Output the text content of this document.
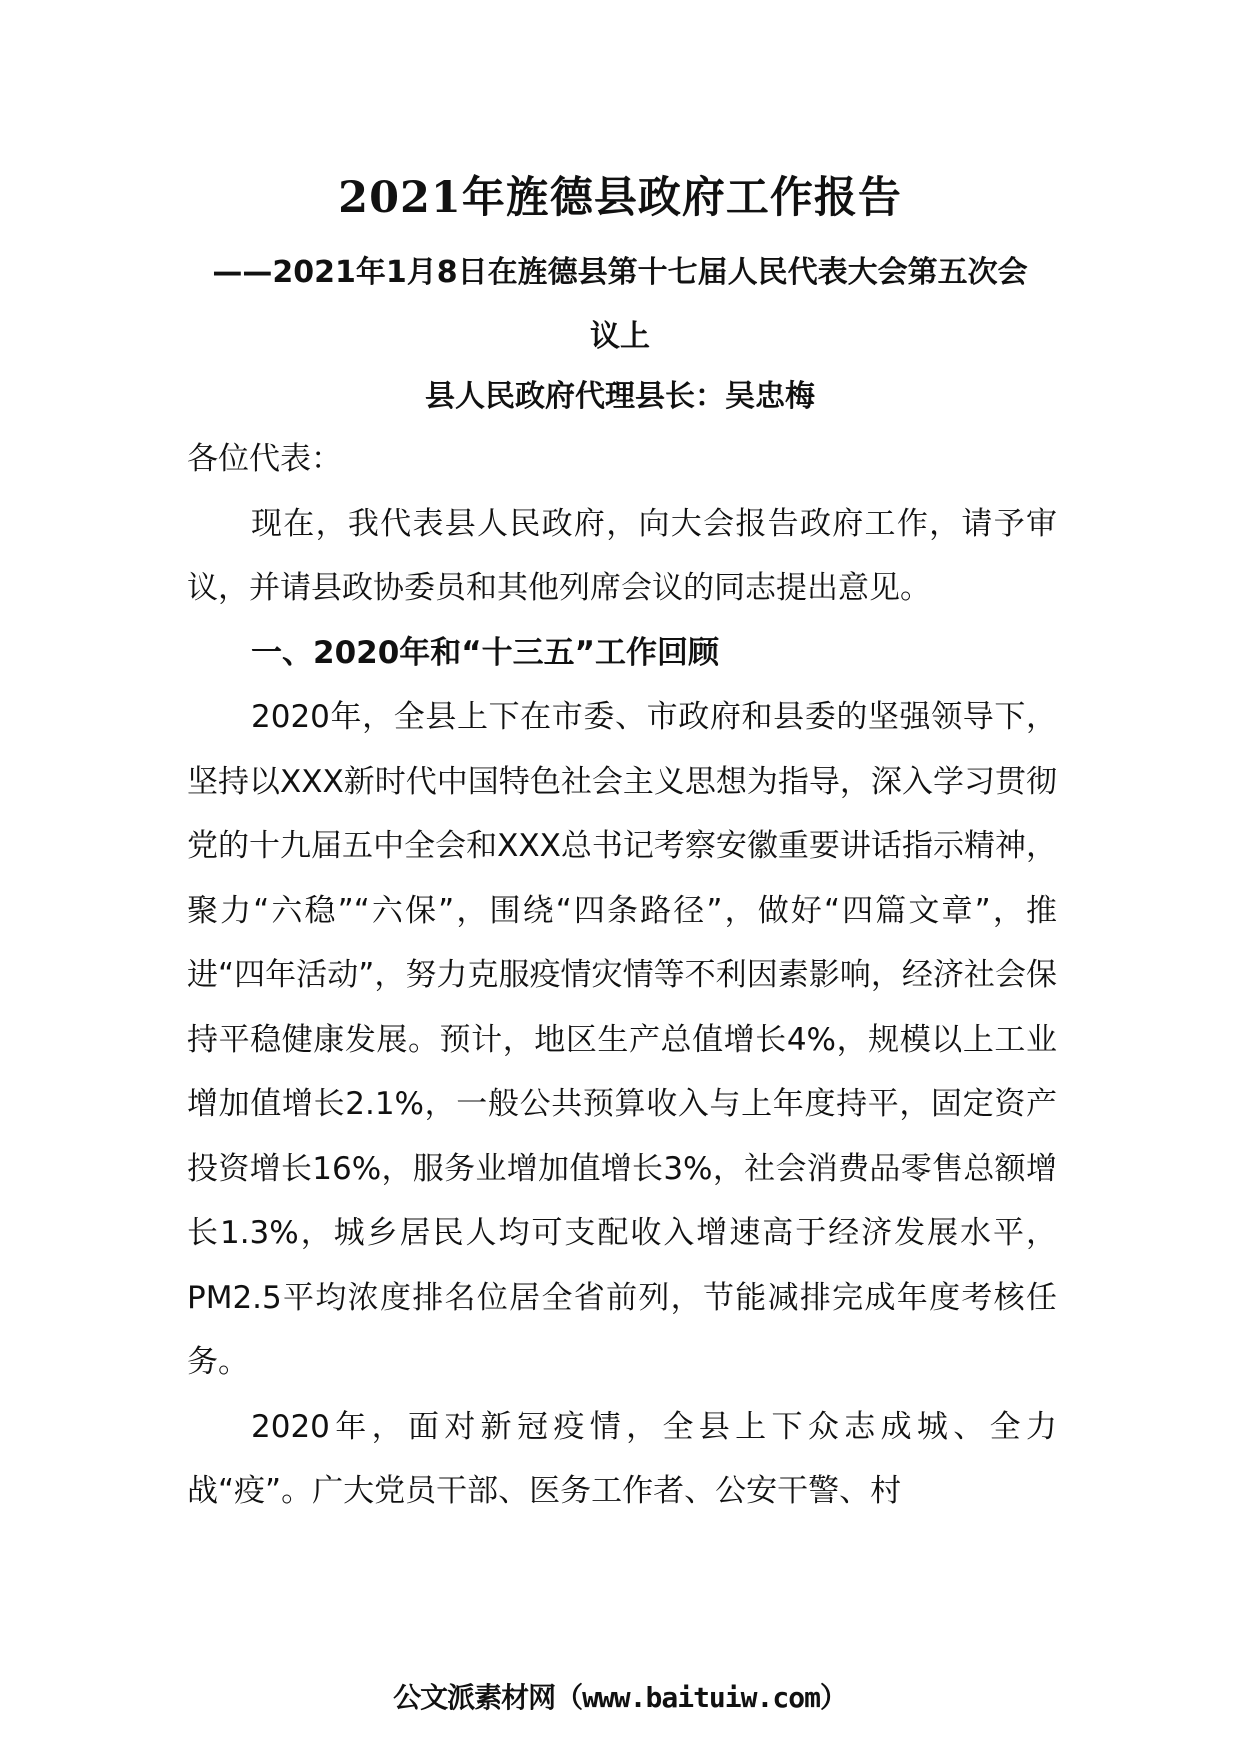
2021年旌德县政府工作报告
——2021年1月8日在旌德县第十七届人民代表大会第五次会议上
县人民政府代理县长：吴忠梅

各位代表：

现在，我代表县人民政府，向大会报告政府工作，请予审议，并请县政协委员和其他列席会议的同志提出意见。

一、2020年和“十三五”工作回顾

2020年，全县上下在市委、市政府和县委的坚强领导下，坚持以XXX新时代中国特色社会主义思想为指导，深入学习贯彻党的十九届五中全会和XXX总书记考察安徽重要讲话指示精神，聚力“六稳”“六保”，围绕“四条路径”，做好“四篇文章”，推进“四年活动”，努力克服疫情灾情等不利因素影响，经济社会保持平稳健康发展。预计，地区生产总值增长4%，规模以上工业增加值增长2.1%，一般公共预算收入与上年度持平，固定资产投资增长16%，服务业增加值增长3%，社会消费品零售总额增长1.3%，城乡居民人均可支配收入增速高于经济发展水平，PM2.5平均浓度排名位居全省前列，节能减排完成年度考核任务。

2020年，面对新冠疫情，全县上下众志成城、全力战“疫”。广大党员干部、医务工作者、公安干警、村

公文派素材网（www.baituiw.com）
